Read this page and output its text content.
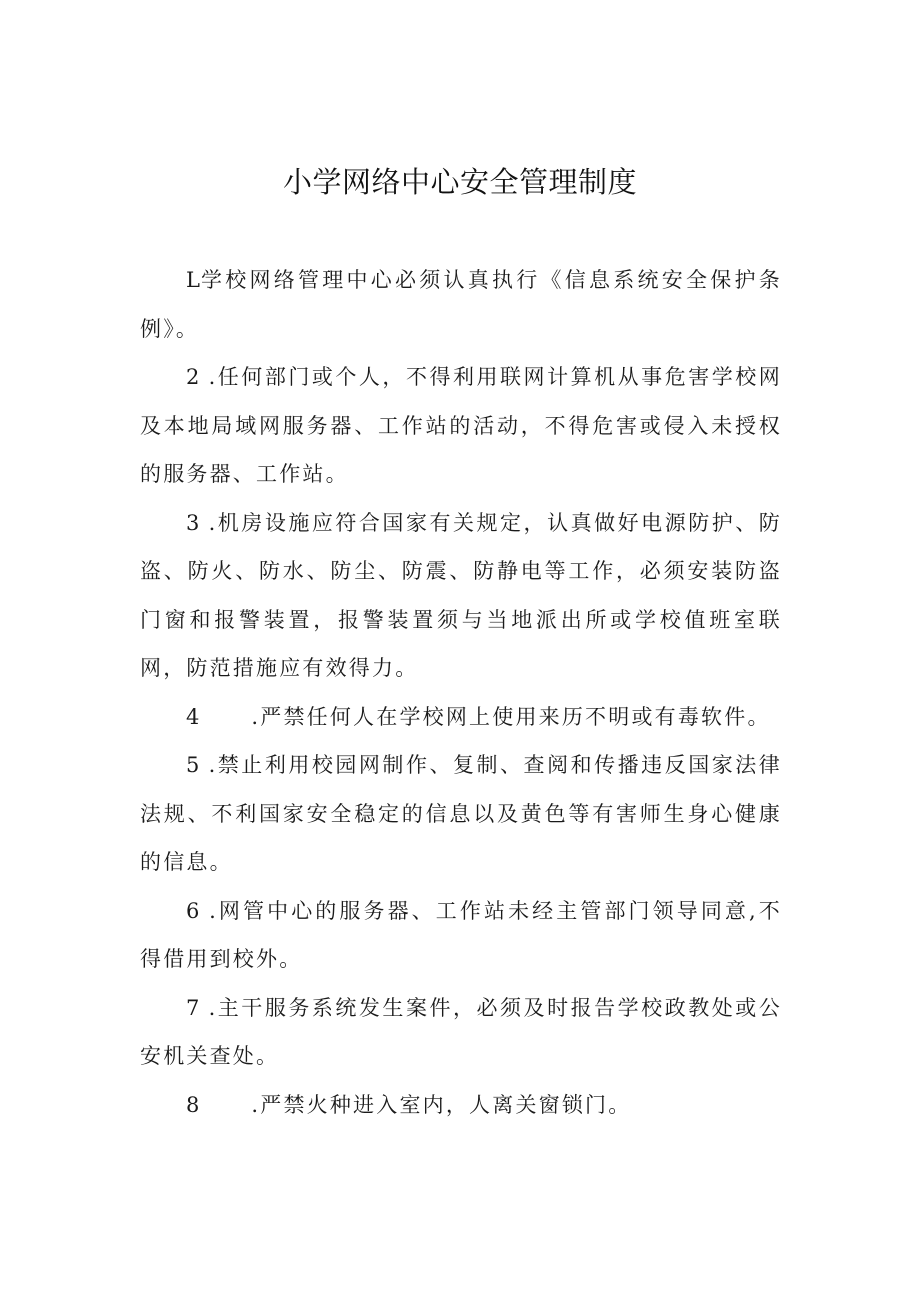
小学网络中心安全管理制度

L学校网络管理中心必须认真执行《信息系统安全保护条例》。

2 .任何部门或个人，不得利用联网计算机从事危害学校网及本地局域网服务器、工作站的活动，不得危害或侵入未授权的服务器、工作站。

3 .机房设施应符合国家有关规定，认真做好电源防护、防盗、防火、防水、防尘、防震、防静电等工作，必须安装防盗门窗和报警装置，报警装置须与当地派出所或学校值班室联网，防范措施应有效得力。

4 .严禁任何人在学校网上使用来历不明或有毒软件。

5 .禁止利用校园网制作、复制、查阅和传播违反国家法律法规、不利国家安全稳定的信息以及黄色等有害师生身心健康的信息。

6 .网管中心的服务器、工作站未经主管部门领导同意,不得借用到校外。

7 .主干服务系统发生案件，必须及时报告学校政教处或公安机关查处。

8 .严禁火种进入室内，人离关窗锁门。
